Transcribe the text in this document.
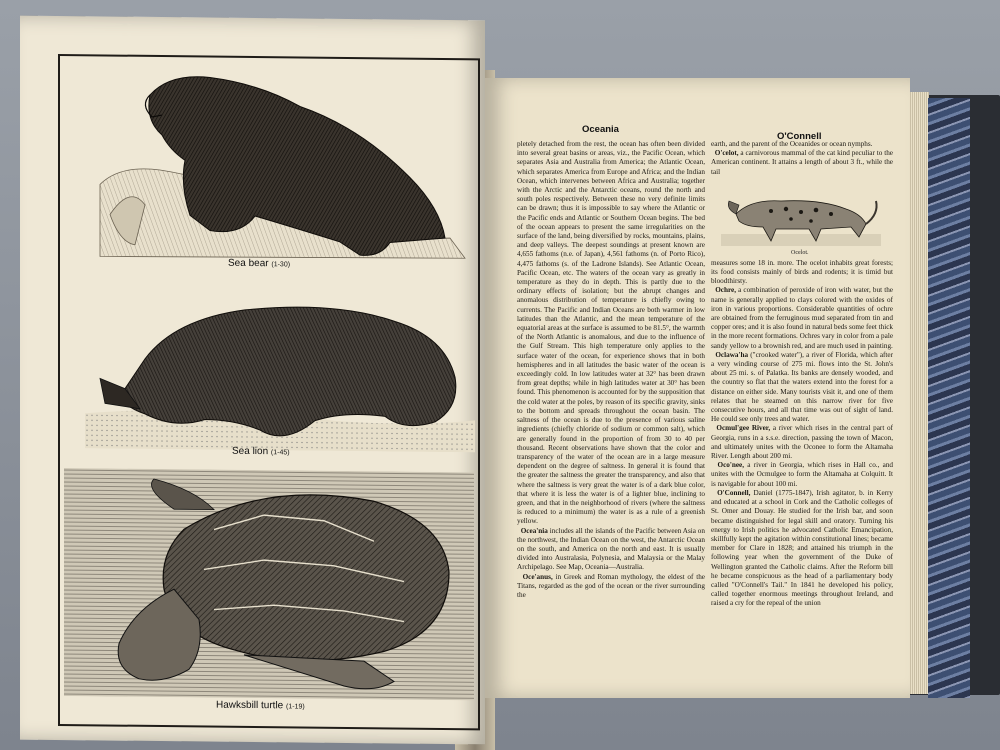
Sea bear (1-30)
Sea lion (1-45)
Hawksbill turtle (1-19)
Oceania
O'Connell

pletely detached from the rest, the ocean has often been divided into several great basins or areas, viz., the Pacific Ocean, which separates Asia and Australia from America; the Atlantic Ocean, which separates America from Europe and Africa; and the Indian Ocean, which intervenes between Africa and Australia; together with the Arctic and the Antarctic oceans, round the north and south poles respectively. Between these no very definite limits can be drawn; thus it is impossible to say where the Atlantic or the Pacific ends and Atlantic or Southern Ocean begins. The bed of the ocean appears to present the same irregularities on the surface of the land, being diversified by rocks, mountains, plains, and deep valleys. The deepest soundings at present known are 4,655 fathoms (n.e. of Japan), 4,561 fathoms (n. of Porto Rico), 4,475 fathoms (s. of the Ladrone Islands). See Atlantic Ocean, Pacific Ocean, etc. The waters of the ocean vary as greatly in temperature as they do in depth. This is partly due to the ordinary effects of isolation; but the abrupt changes and anomalous distribution of temperature is chiefly owing to currents. The Pacific and Indian Oceans are both warmer in low latitudes than the Atlantic, and the mean temperature of the equatorial areas at the surface is assumed to be 81.5°, the warmth of the North Atlantic is anomalous, and due to the influence of the Gulf Stream. This high temperature only applies to the surface water of the ocean, for experience shows that in both hemispheres and in all latitudes the basic water of the ocean is exceedingly cold. In low latitudes water at 32° has been drawn from great depths; while in high latitudes water at 30° has been found. This phenomenon is accounted for by the supposition that the cold water at the poles, by reason of its specific gravity, sinks to the bottom and spreads throughout the ocean basin. The saltness of the ocean is due to the presence of various saline ingredients (chiefly chloride of sodium or common salt), which are generally found in the proportion of from 30 to 40 per thousand. Recent observations have shown that the color and transparency of the water of the ocean are in a large measure dependent on the degree of saltness. In general it is found that the greater the saltness the greater the transparency, and also that where the saltness is very great the water is of a dark blue color, that where it is less the water is of a lighter blue, inclining to green, and that in the neighborhood of rivers (where the saltness is reduced to a minimum) the water is as a rule of a greenish yellow.

Ocea'nia includes all the islands of the Pacific between Asia on the northwest, the Indian Ocean on the west, the Antarctic Ocean on the south, and America on the north and east. It is usually divided into Australasia, Polynesia, and Malaysia or the Malay Archipelago. See Map, Oceania—Australia.

Oce'anus, in Greek and Roman mythology, the eldest of the Titans, regarded as the god of the ocean or the river surrounding the

earth, and the parent of the Oceanides or ocean nymphs.

O'celot, a carnivorous mammal of the cat kind peculiar to the American continent. It attains a length of about 3 ft., while the tail

Ocelot.

measures some 18 in. more. The ocelot inhabits great forests; its food consists mainly of birds and rodents; it is timid but bloodthirsty.

Ochre, a combination of peroxide of iron with water, but the name is generally applied to clays colored with the oxides of iron in various proportions. Considerable quantities of ochre are obtained from the ferruginous mud separated from tin and copper ores; and it is also found in natural beds some feet thick in the more recent formations. Ochres vary in color from a pale sandy yellow to a brownish red, and are much used in painting.

Oclawa'ha ("crooked water"), a river of Florida, which after a very winding course of 275 mi. flows into the St. John's about 25 mi. s. of Palatka. Its banks are densely wooded, and the country so flat that the waters extend into the forest for a distance on either side. Many tourists visit it, and one of them relates that he steamed on this narrow river for five consecutive hours, and all that time was out of sight of land. He could see only trees and water.

Ocmul'gee River, a river which rises in the central part of Georgia, runs in a s.s.e. direction, passing the town of Macon, and ultimately unites with the Oconee to form the Altamaha River. Length about 200 mi.

Oco'nee, a river in Georgia, which rises in Hall co., and unites with the Ocmulgee to form the Altamaha at Colquitt. It is navigable for about 100 mi.

O'Connell, Daniel (1775-1847), Irish agitator, b. in Kerry and educated at a school in Cork and the Catholic colleges of St. Omer and Douay. He studied for the Irish bar, and soon became distinguished for legal skill and oratory. Turning his energy to Irish politics he advocated Catholic Emancipation, skillfully kept the agitation within constitutional lines; became member for Clare in 1828; and attained his triumph in the following year when the government of the Duke of Wellington granted the Catholic claims. After the Reform bill he became conspicuous as the head of a parliamentary body called "O'Connell's Tail." In 1841 he developed his policy, called together enormous meetings throughout Ireland, and raised a cry for the repeal of the union
